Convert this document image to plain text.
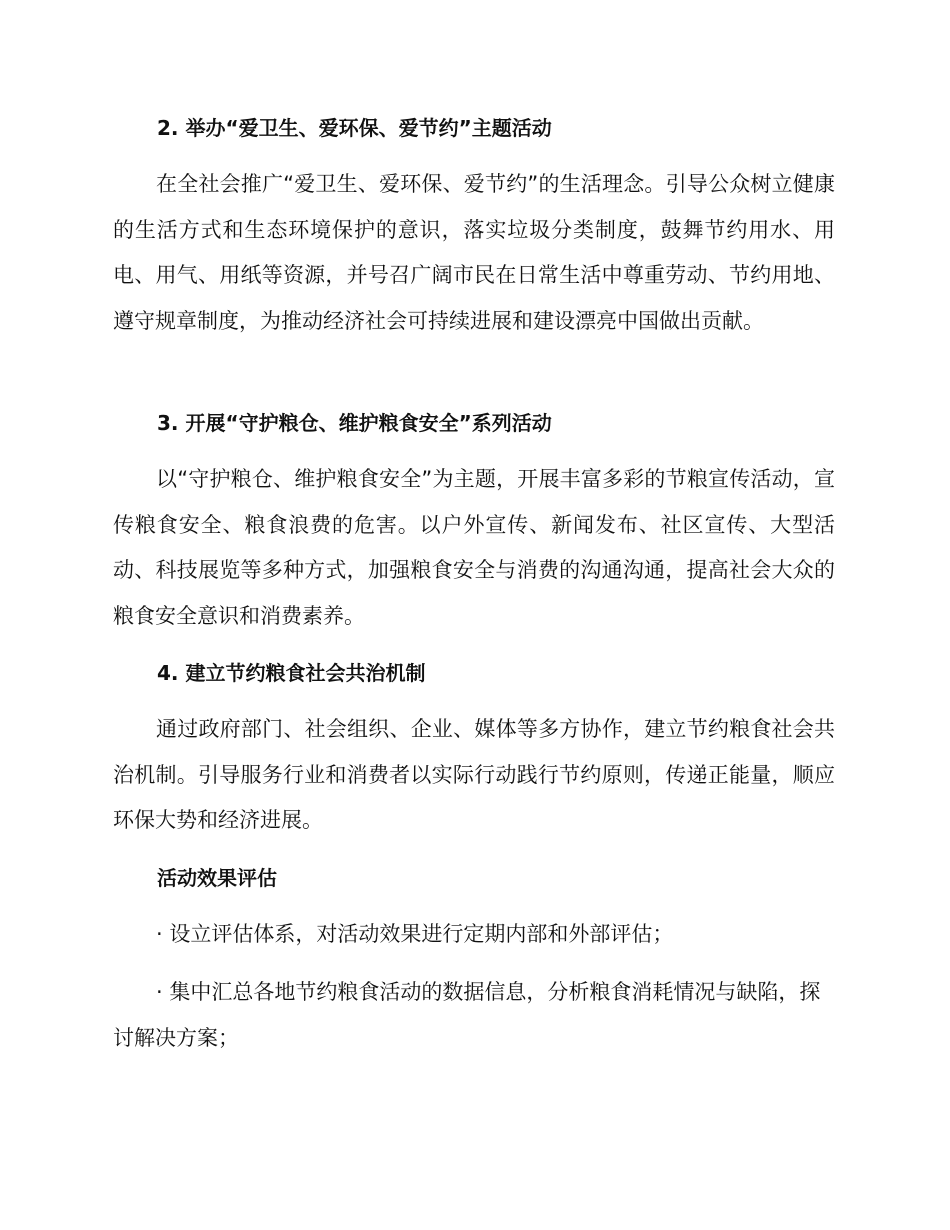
2. 举办“爱卫生、爱环保、爱节约”主题活动
在全社会推广“爱卫生、爱环保、爱节约”的生活理念。引导公众树立健康的生活方式和生态环境保护的意识，落实垃圾分类制度，鼓舞节约用水、用电、用气、用纸等资源，并号召广阔市民在日常生活中尊重劳动、节约用地、遵守规章制度，为推动经济社会可持续进展和建设漂亮中国做出贡献。
3. 开展“守护粮仓、维护粮食安全”系列活动
以“守护粮仓、维护粮食安全”为主题，开展丰富多彩的节粮宣传活动，宣传粮食安全、粮食浪费的危害。以户外宣传、新闻发布、社区宣传、大型活动、科技展览等多种方式，加强粮食安全与消费的沟通沟通，提高社会大众的粮食安全意识和消费素养。
4. 建立节约粮食社会共治机制
通过政府部门、社会组织、企业、媒体等多方协作，建立节约粮食社会共治机制。引导服务行业和消费者以实际行动践行节约原则，传递正能量，顺应环保大势和经济进展。
活动效果评估
· 设立评估体系，对活动效果进行定期内部和外部评估；
· 集中汇总各地节约粮食活动的数据信息，分析粮食消耗情况与缺陷，探讨解决方案；
